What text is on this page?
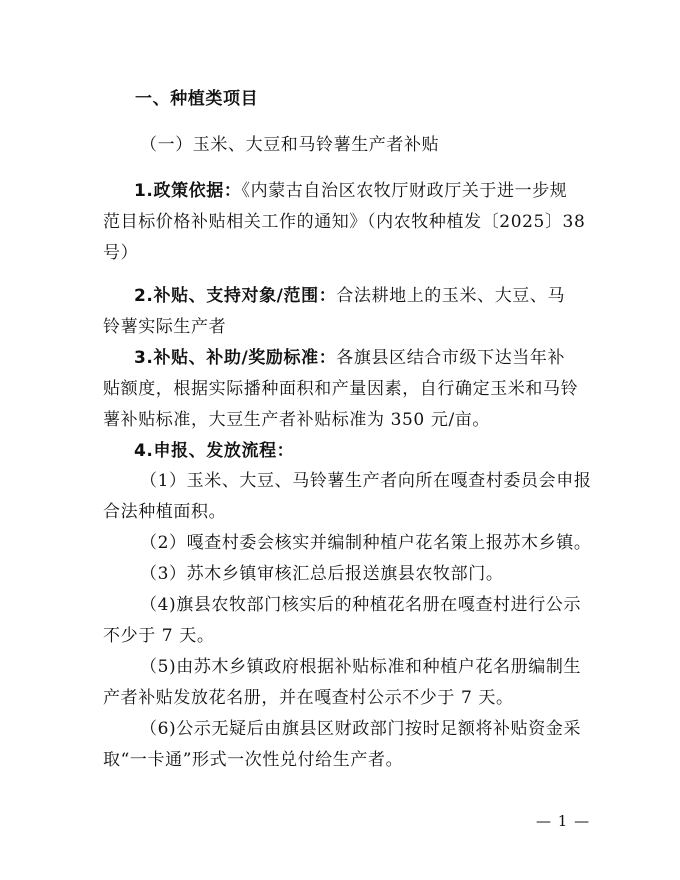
一、种植类项目
（一）玉米、大豆和马铃薯生产者补贴
1.政策依据：《内蒙古自治区农牧厅财政厅关于进一步规
范目标价格补贴相关工作的通知》（内农牧种植发〔2025〕38
号）
2.补贴、支持对象/范围：合法耕地上的玉米、大豆、马
铃薯实际生产者
3.补贴、补助/奖励标准：各旗县区结合市级下达当年补
贴额度，根据实际播种面积和产量因素，自行确定玉米和马铃
薯补贴标准，大豆生产者补贴标准为 350 元/亩。
4.申报、发放流程：
（1）玉米、大豆、马铃薯生产者向所在嘎查村委员会申报
合法种植面积。
（2）嘎查村委会核实并编制种植户花名策上报苏木乡镇。
（3）苏木乡镇审核汇总后报送旗县农牧部门。
（4)旗县农牧部门核实后的种植花名册在嘎查村进行公示
不少于 7 天。
（5)由苏木乡镇政府根据补贴标准和种植户花名册编制生
产者补贴发放花名册，并在嘎查村公示不少于 7 天。
（6)公示无疑后由旗县区财政部门按时足额将补贴资金采
取“一卡通”形式一次性兑付给生产者。
— 1 —
